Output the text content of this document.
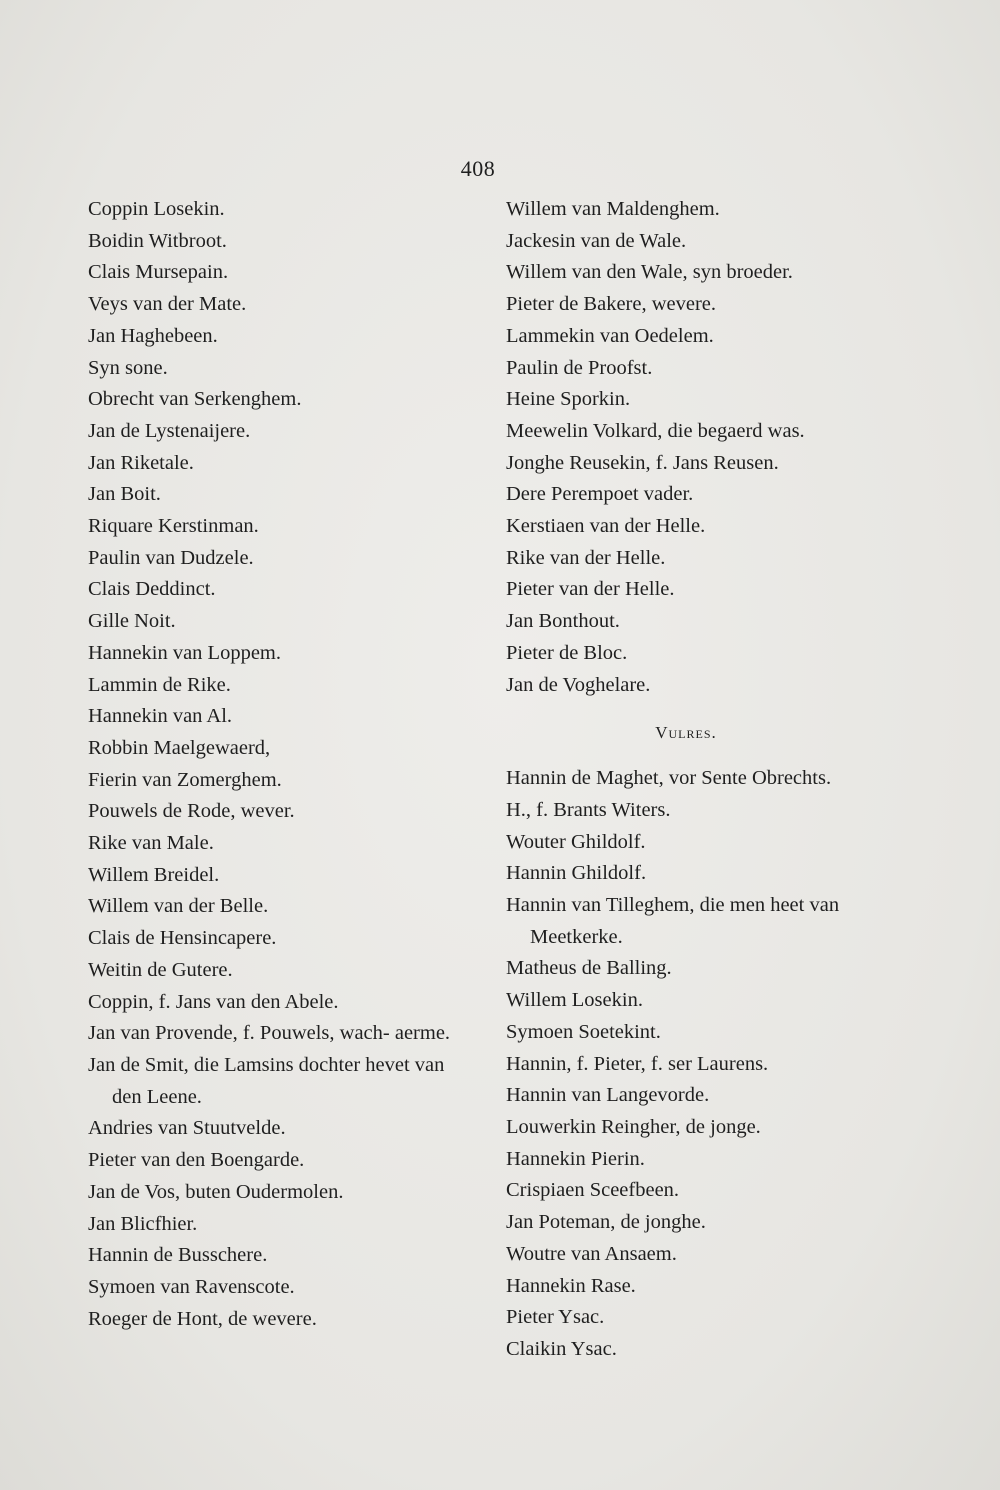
408
Coppin Losekin.
Boidin Witbroot.
Clais Mursepain.
Veys van der Mate.
Jan Haghebeen.
Syn sone.
Obrecht van Serkenghem.
Jan de Lystenaijere.
Jan Riketale.
Jan Boit.
Riquare Kerstinman.
Paulin van Dudzele.
Clais Deddinct.
Gille Noit.
Hannekin van Loppem.
Lammin de Rike.
Hannekin van Al.
Robbin Maelgewaerd,
Fierin van Zomerghem.
Pouwels de Rode, wever.
Rike van Male.
Willem Breidel.
Willem van der Belle.
Clais de Hensincapere.
Weitin de Gutere.
Coppin, f. Jans van den Abele.
Jan van Provende, f. Pouwels, wach- aerme.
Jan de Smit, die Lamsins dochter hevet van den Leene.
Andries van Stuutvelde.
Pieter van den Boengarde.
Jan de Vos, buten Oudermolen.
Jan Blicfhier.
Hannin de Busschere.
Symoen van Ravenscote.
Roeger de Hont, de wevere.
Willem van Maldenghem.
Jackesin van de Wale.
Willem van den Wale, syn broeder.
Pieter de Bakere, wevere.
Lammekin van Oedelem.
Paulin de Proofst.
Heine Sporkin.
Meewelin Volkard, die begaerd was.
Jonghe Reusekin, f. Jans Reusen.
Dere Perempoet vader.
Kerstiaen van der Helle.
Rike van der Helle.
Pieter van der Helle.
Jan Bonthout.
Pieter de Bloc.
Jan de Voghelare.
Vulres.
Hannin de Maghet, vor Sente Obrechts.
H., f. Brants Witers.
Wouter Ghildolf.
Hannin Ghildolf.
Hannin van Tilleghem, die men heet van Meetkerke.
Matheus de Balling.
Willem Losekin.
Symoen Soetekint.
Hannin, f. Pieter, f. ser Laurens.
Hannin van Langevorde.
Louwerkin Reingher, de jonge.
Hannekin Pierin.
Crispiaen Sceefbeen.
Jan Poteman, de jonghe.
Woutre van Ansaem.
Hannekin Rase.
Pieter Ysac.
Claikin Ysac.
